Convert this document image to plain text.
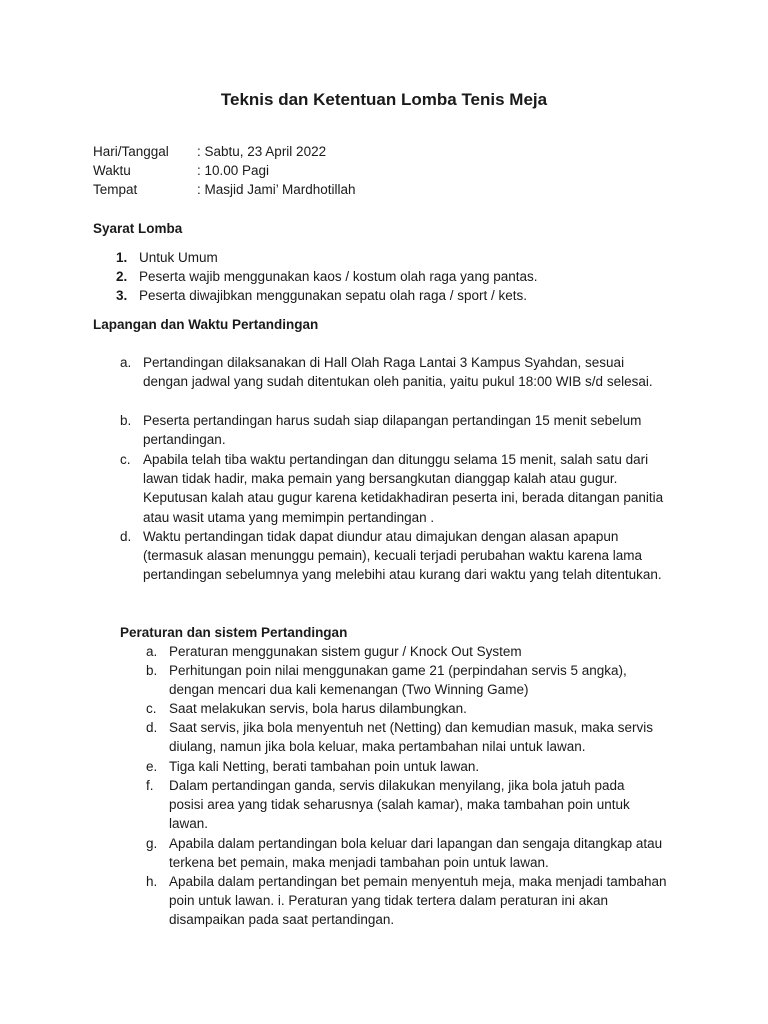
Teknis dan Ketentuan Lomba Tenis Meja
Hari/Tanggal : Sabtu, 23 April 2022
Waktu	: 10.00 Pagi
Tempat	: Masjid Jami’ Mardhotillah
Syarat Lomba
1. Untuk Umum
2. Peserta wajib menggunakan kaos / kostum olah raga yang pantas.
3. Peserta diwajibkan menggunakan sepatu olah raga / sport / kets.
Lapangan dan Waktu Pertandingan
a. Pertandingan dilaksanakan di Hall Olah Raga Lantai 3 Kampus Syahdan, sesuai dengan jadwal yang sudah ditentukan oleh panitia, yaitu pukul 18:00 WIB s/d selesai.
b. Peserta pertandingan harus sudah siap dilapangan pertandingan 15 menit sebelum pertandingan.
c. Apabila telah tiba waktu pertandingan dan ditunggu selama 15 menit, salah satu dari lawan tidak hadir, maka pemain yang bersangkutan dianggap kalah atau gugur. Keputusan kalah atau gugur karena ketidakhadiran peserta ini, berada ditangan panitia atau wasit utama yang memimpin pertandingan .
d. Waktu pertandingan tidak dapat diundur atau dimajukan dengan alasan apapun (termasuk alasan menunggu pemain), kecuali terjadi perubahan waktu karena lama pertandingan sebelumnya yang melebihi atau kurang dari waktu yang telah ditentukan.
Peraturan dan sistem Pertandingan
a. Peraturan menggunakan sistem gugur / Knock Out System
b. Perhitungan poin nilai menggunakan game 21 (perpindahan servis 5 angka), dengan mencari dua kali kemenangan (Two Winning Game)
c. Saat melakukan servis, bola harus dilambungkan.
d. Saat servis, jika bola menyentuh net (Netting) dan kemudian masuk, maka servis diulang, namun jika bola keluar, maka pertambahan nilai untuk lawan.
e. Tiga kali Netting, berati tambahan poin untuk lawan.
f. Dalam pertandingan ganda, servis dilakukan menyilang, jika bola jatuh pada posisi area yang tidak seharusnya (salah kamar), maka tambahan poin untuk lawan.
g. Apabila dalam pertandingan bola keluar dari lapangan dan sengaja ditangkap atau terkena bet pemain, maka menjadi tambahan poin untuk lawan.
h. Apabila dalam pertandingan bet pemain menyentuh meja, maka menjadi tambahan poin untuk lawan. i. Peraturan yang tidak tertera dalam peraturan ini akan disampaikan pada saat pertandingan.
